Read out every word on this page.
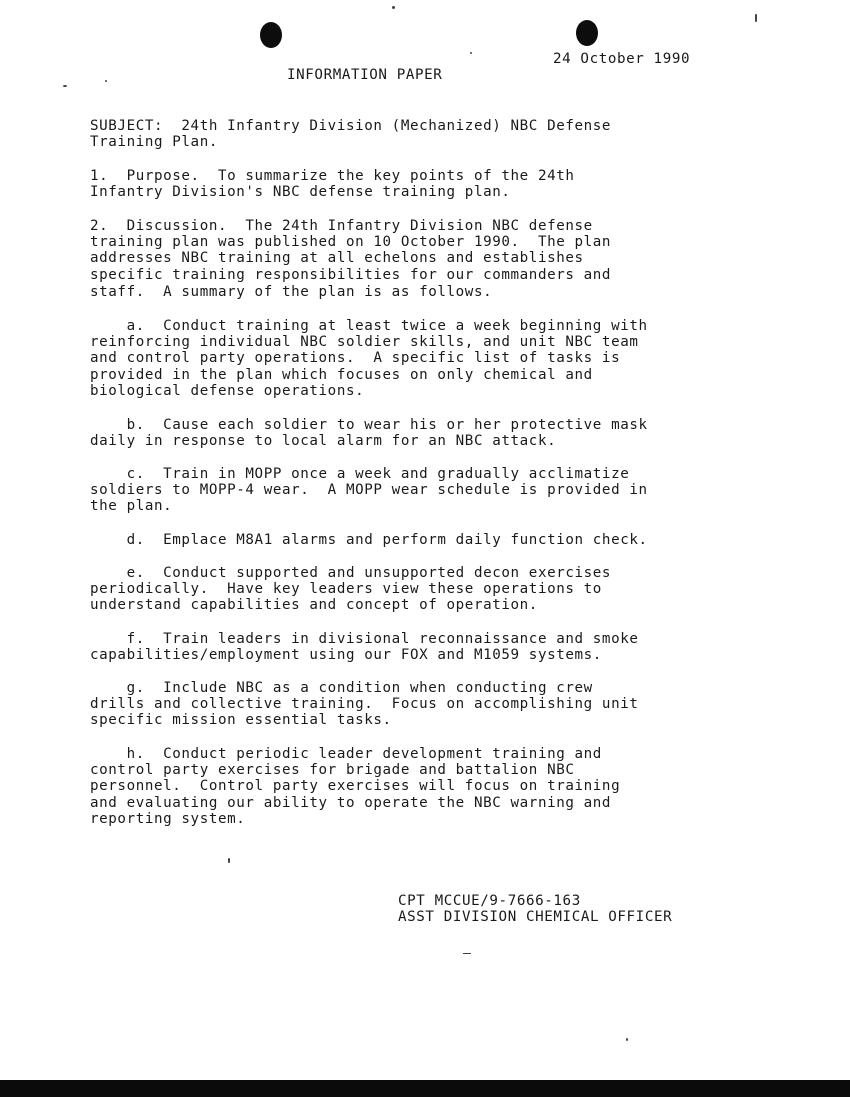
24 October 1990
INFORMATION PAPER
SUBJECT:  24th Infantry Division (Mechanized) NBC Defense
Training Plan.
1.  Purpose.  To summarize the key points of the 24th
Infantry Division's NBC defense training plan.
2.  Discussion.  The 24th Infantry Division NBC defense
training plan was published on 10 October 1990.  The plan
addresses NBC training at all echelons and establishes
specific training responsibilities for our commanders and
staff.  A summary of the plan is as follows.
a.  Conduct training at least twice a week beginning with
reinforcing individual NBC soldier skills, and unit NBC team
and control party operations.  A specific list of tasks is
provided in the plan which focuses on only chemical and
biological defense operations.
b.  Cause each soldier to wear his or her protective mask
daily in response to local alarm for an NBC attack.
c.  Train in MOPP once a week and gradually acclimatize
soldiers to MOPP-4 wear.  A MOPP wear schedule is provided in
the plan.
d.  Emplace M8A1 alarms and perform daily function check.
e.  Conduct supported and unsupported decon exercises
periodically.  Have key leaders view these operations to
understand capabilities and concept of operation.
f.  Train leaders in divisional reconnaissance and smoke
capabilities/employment using our FOX and M1059 systems.
g.  Include NBC as a condition when conducting crew
drills and collective training.  Focus on accomplishing unit
specific mission essential tasks.
h.  Conduct periodic leader development training and
control party exercises for brigade and battalion NBC
personnel.  Control party exercises will focus on training
and evaluating our ability to operate the NBC warning and
reporting system.
CPT MCCUE/9-7666-163
ASST DIVISION CHEMICAL OFFICER
